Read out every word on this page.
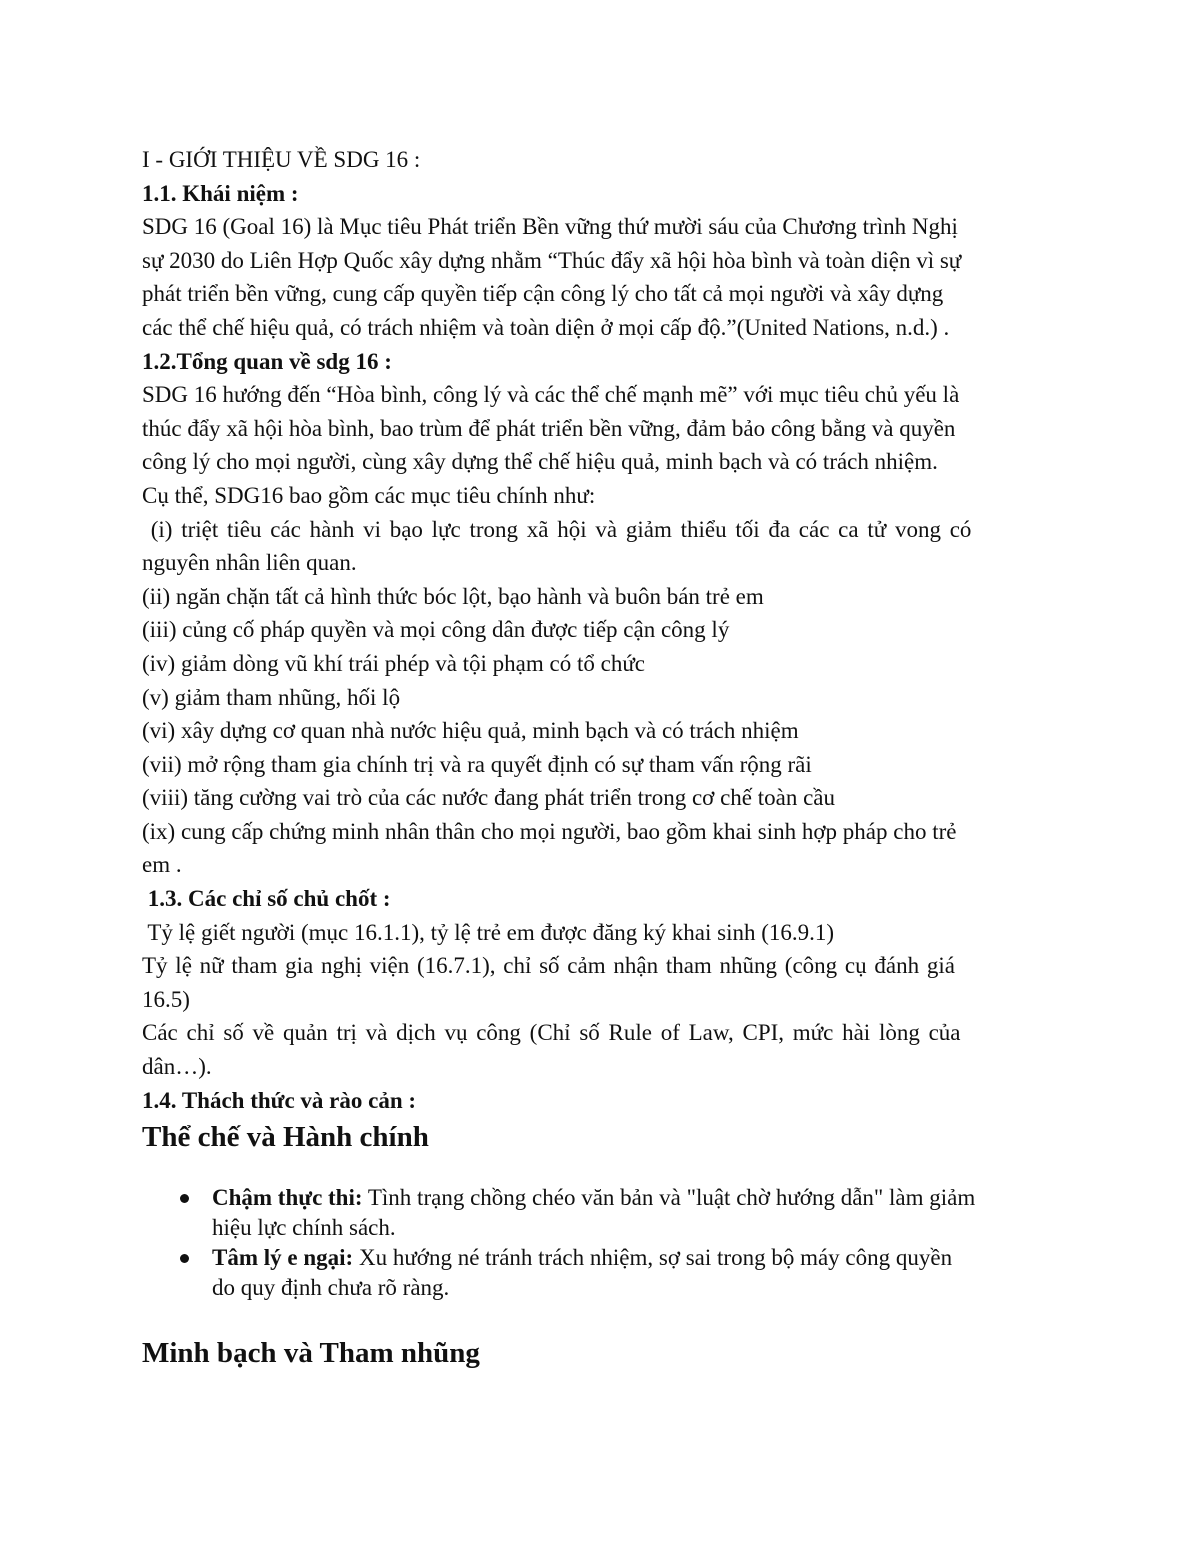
I - GIỚI THIỆU VỀ SDG 16 :

1.1. Khái niệm :

SDG 16 (Goal 16) là Mục tiêu Phát triển Bền vững thứ mười sáu của Chương trình Nghị

sự 2030 do Liên Hợp Quốc xây dựng nhằm “Thúc đẩy xã hội hòa bình và toàn diện vì sự

phát triển bền vững, cung cấp quyền tiếp cận công lý cho tất cả mọi người và xây dựng

các thể chế hiệu quả, có trách nhiệm và toàn diện ở mọi cấp độ.”(United Nations, n.d.) .

1.2.Tổng quan về sdg 16 :

SDG 16 hướng đến “Hòa bình, công lý và các thể chế mạnh mẽ” với mục tiêu chủ yếu là

thúc đẩy xã hội hòa bình, bao trùm để phát triển bền vững, đảm bảo công bằng và quyền

công lý cho mọi người, cùng xây dựng thể chế hiệu quả, minh bạch và có trách nhiệm.

Cụ thể, SDG16 bao gồm các mục tiêu chính như:

(i) triệt tiêu các hành vi bạo lực trong xã hội và giảm thiểu tối đa các ca tử vong có

nguyên nhân liên quan.

(ii) ngăn chặn tất cả hình thức bóc lột, bạo hành và buôn bán trẻ em

(iii) củng cố pháp quyền và mọi công dân được tiếp cận công lý

(iv) giảm dòng vũ khí trái phép và tội phạm có tổ chức

(v) giảm tham nhũng, hối lộ

(vi) xây dựng cơ quan nhà nước hiệu quả, minh bạch và có trách nhiệm

(vii) mở rộng tham gia chính trị và ra quyết định có sự tham vấn rộng rãi

(viii) tăng cường vai trò của các nước đang phát triển trong cơ chế toàn cầu

(ix) cung cấp chứng minh nhân thân cho mọi người, bao gồm khai sinh hợp pháp cho trẻ

em .

1.3. Các chỉ số chủ chốt :

Tỷ lệ giết người (mục 16.1.1), tỷ lệ trẻ em được đăng ký khai sinh (16.9.1)

Tỷ lệ nữ tham gia nghị viện (16.7.1), chỉ số cảm nhận tham nhũng (công cụ đánh giá

16.5)

Các chỉ số về quản trị và dịch vụ công (Chỉ số Rule of Law, CPI, mức hài lòng của

dân…).

1.4. Thách thức và rào cản :

Thể chế và Hành chính

Chậm thực thi: Tình trạng chồng chéo văn bản và "luật chờ hướng dẫn" làm giảm
hiệu lực chính sách.
Tâm lý e ngại: Xu hướng né tránh trách nhiệm, sợ sai trong bộ máy công quyền
do quy định chưa rõ ràng.

Minh bạch và Tham nhũng
